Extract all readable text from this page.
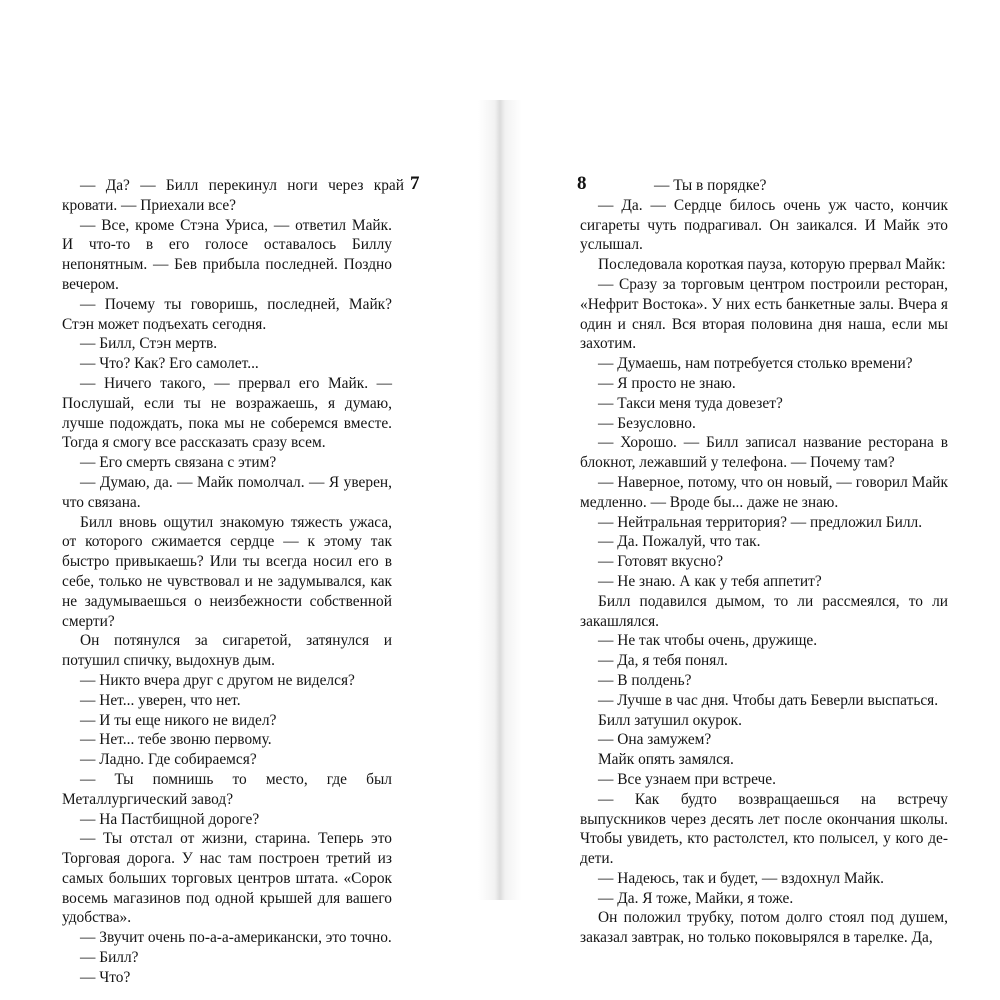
7	8

— Да? — Билл перекинул ноги через край кровати. — Приехали все?

— Все, кроме Стэна Уриса, — ответил Майк. И что-то в его голосе оставалось Биллу непонятным. — Бев прибыла последней. Поздно вечером.

— Почему ты говоришь, последней, Майк? Стэн может подъехать сегодня.

— Билл, Стэн мертв.

— Что? Как? Его самолет...

— Ничего такого, — прервал его Майк. — Послушай, если ты не возражаешь, я думаю, лучше подождать, пока мы не соберемся вместе. Тогда я смогу все рассказать сразу всем.

— Его смерть связана с этим?

— Думаю, да. — Майк помолчал. — Я уверен, что связана.

Билл вновь ощутил знакомую тяжесть ужаса, от которого сжимается сердце — к этому так быстро привыкаешь? Или ты всегда носил его в себе, только не чувствовал и не задумывался, как не задумываешься о неизбежности собственной смерти?

Он потянулся за сигаретой, затянулся и потушил спичку, выдохнув дым.

— Никто вчера друг с другом не виделся?

— Нет... уверен, что нет.

— И ты еще никого не видел?

— Нет... тебе звоню первому.

— Ладно. Где собираемся?

— Ты помнишь то место, где был Металлургический завод?

— На Пастбищной дороге?

— Ты отстал от жизни, старина. Теперь это Торговая дорога. У нас там построен третий из самых больших торговых центров штата. «Сорок восемь магазинов под одной крышей для вашего удобства».

— Звучит очень по-а-а-американски, это точно.

— Билл?

— Что?

— Ты в порядке?

— Да. — Сердце билось очень уж часто, кончик сигареты чуть подрагивал. Он заикался. И Майк это услышал.

Последовала короткая пауза, которую прервал Майк:

— Сразу за торговым центром построили ресторан, «Нефрит Востока». У них есть банкетные залы. Вчера я один и снял. Вся вторая половина дня наша, если мы захотим.

— Думаешь, нам потребуется столько времени?

— Я просто не знаю.

— Такси меня туда довезет?

— Безусловно.

— Хорошо. — Билл записал название ресторана в блокнот, лежавший у телефона. — Почему там?

— Наверное, потому, что он новый, — говорил Майк медленно. — Вроде бы... даже не знаю.

— Нейтральная территория? — предложил Билл.

— Да. Пожалуй, что так.

— Готовят вкусно?

— Не знаю. А как у тебя аппетит?

Билл подавился дымом, то ли рассмеялся, то ли закашлялся.

— Не так чтобы очень, дружище.

— Да, я тебя понял.

— В полдень?

— Лучше в час дня. Чтобы дать Беверли выспаться.

Билл затушил окурок.

— Она замужем?

Майк опять замялся.

— Все узнаем при встрече.

— Как будто возвращаешься на встречу выпускников через десять лет после окончания школы. Чтобы увидеть, кто растолстел, кто полысел, у кого де-дети.

— Надеюсь, так и будет, — вздохнул Майк.

— Да. Я тоже, Майки, я тоже.

Он положил трубку, потом долго стоял под душем, заказал завтрак, но только поковырялся в тарелке. Да,
